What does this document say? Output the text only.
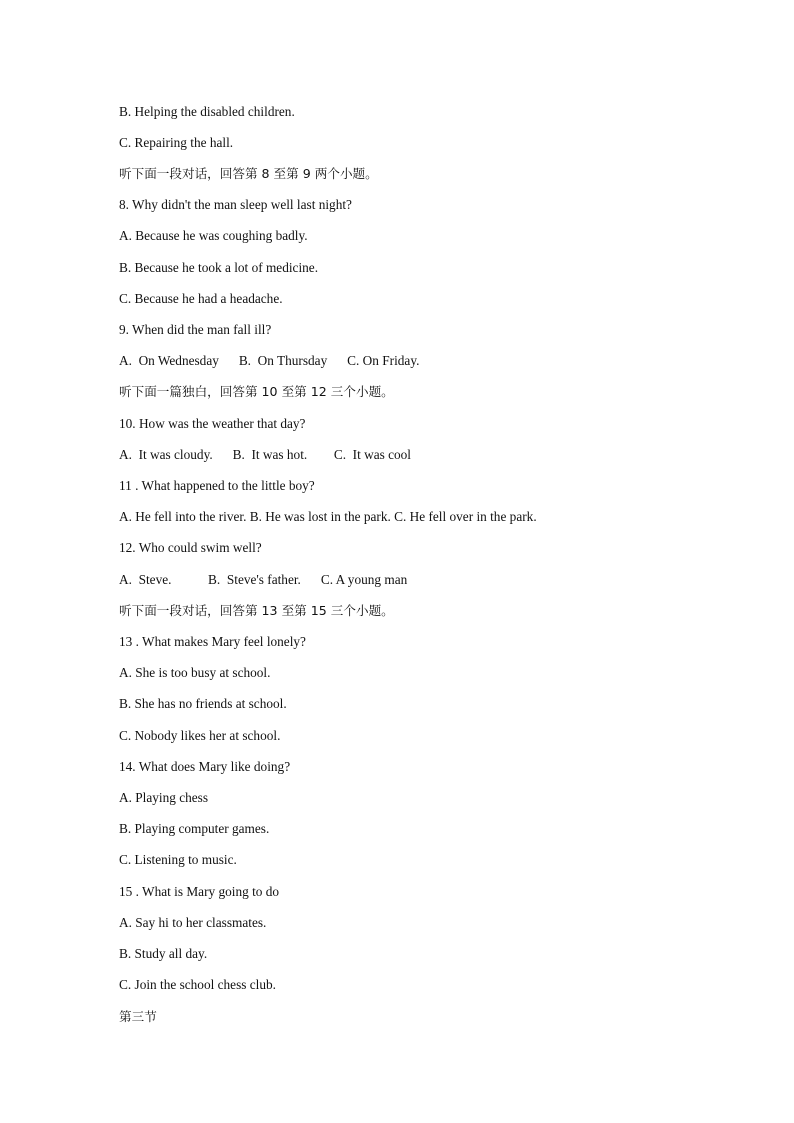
B. Helping the disabled children.

C. Repairing the hall.

听下面一段对话，回答第 8 至第 9 两个小题。

8. Why didn't the man sleep well last night?

A. Because he was coughing badly.

B. Because he took a lot of medicine.

C. Because he had a headache.

9. When did the man fall ill?

A.  On Wednesday      B.  On Thursday      C. On Friday.

听下面一篇独白，回答第 10 至第 12 三个小题。

10. How was the weather that day?

A.  It was cloudy.      B.  It was hot.        C.  It was cool

11 . What happened to the little boy?

A. He fell into the river. B. He was lost in the park. C. He fell over in the park.

12. Who could swim well?

A.  Steve.           B.  Steve's father.      C. A young man

听下面一段对话，回答第 13 至第 15 三个小题。

13 . What makes Mary feel lonely?

A. She is too busy at school.

B. She has no friends at school.

C. Nobody likes her at school.

14. What does Mary like doing?

A. Playing chess

B. Playing computer games.

C. Listening to music.

15 . What is Mary going to do

A. Say hi to her classmates.

B. Study all day.

C. Join the school chess club.

第三节
